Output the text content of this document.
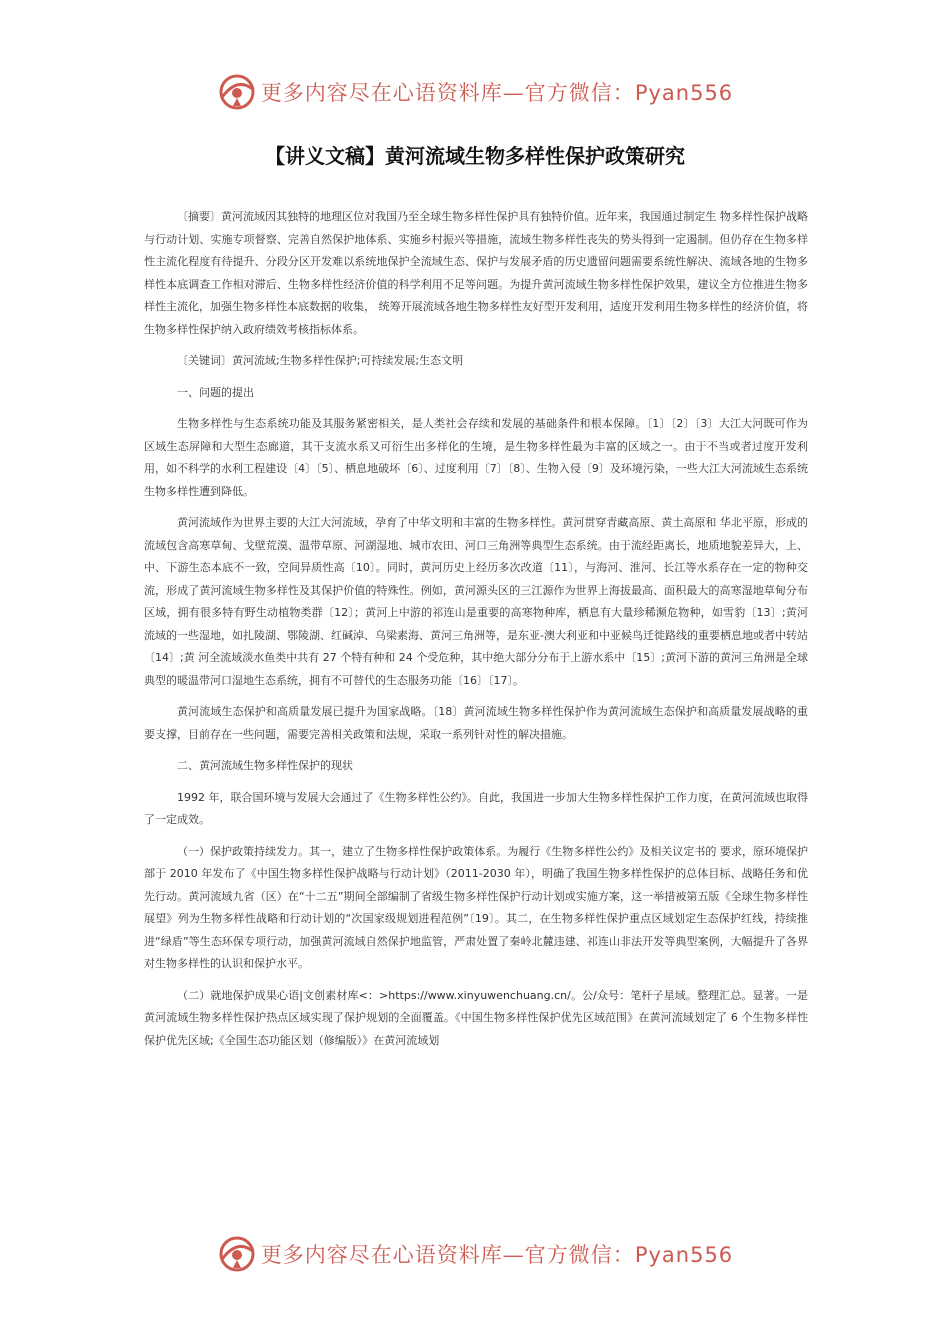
更多内容尽在心语资料库—官方微信：Pyan556
【讲义文稿】黄河流域生物多样性保护政策研究

〔摘要〕黄河流域因其独特的地理区位对我国乃至全球生物多样性保护具有独特价值。近年来，我国通过制定生 物多样性保护战略与行动计划、实施专项督察、完善自然保护地体系、实施乡村振兴等措施，流域生物多样性丧失的势头得到一定遏制。但仍存在生物多样性主流化程度有待提升、分段分区开发难以系统地保护全流域生态、保护与发展矛盾的历史遗留问题需要系统性解决、流域各地的生物多样性本底调查工作相对滞后、生物多样性经济价值的科学利用不足等问题。为提升黄河流域生物多样性保护效果，建议全方位推进生物多样性主流化，加强生物多样性本底数据的收集， 统筹开展流域各地生物多样性友好型开发利用，适度开发利用生物多样性的经济价值，将生物多样性保护纳入政府绩效考核指标体系。

〔关键词〕黄河流域;生物多样性保护;可持续发展;生态文明

一、问题的提出

生物多样性与生态系统功能及其服务紧密相关，是人类社会存续和发展的基础条件和根本保障。〔1〕〔2〕〔3〕大江大河既可作为区域生态屏障和大型生态廊道，其干支流水系又可衍生出多样化的生境，是生物多样性最为丰富的区域之一。由于不当或者过度开发利用，如不科学的水利工程建设〔4〕〔5〕、栖息地破坏〔6〕、过度利用〔7〕〔8〕、生物入侵〔9〕及环境污染，一些大江大河流域生态系统生物多样性遭到降低。

黄河流域作为世界主要的大江大河流域，孕育了中华文明和丰富的生物多样性。黄河贯穿青藏高原、黄土高原和 华北平原，形成的流域包含高寒草甸、戈壁荒漠、温带草原、河湖湿地、城市农田、河口三角洲等典型生态系统。由于流经距离长，地质地貌差异大，上、中、下游生态本底不一致，空间异质性高〔10〕。同时，黄河历史上经历多次改道〔11〕，与海河、淮河、长江等水系存在一定的物种交流，形成了黄河流域生物多样性及其保护价值的特殊性。例如，黄河源头区的三江源作为世界上海拔最高、面积最大的高寒湿地草甸分布区域，拥有很多特有野生动植物类群〔12〕；黄河上中游的祁连山是重要的高寒物种库，栖息有大量珍稀濒危物种，如雪豹〔13〕;黄河流域的一些湿地，如扎陵湖、鄂陵湖、红碱淖、乌梁素海、黄河三角洲等，是东亚-澳大利亚和中亚候鸟迁徙路线的重要栖息地或者中转站〔14〕;黄 河全流域淡水鱼类中共有 27 个特有种和 24 个受危种，其中绝大部分分布于上游水系中〔15〕;黄河下游的黄河三角洲是全球典型的暖温带河口湿地生态系统，拥有不可替代的生态服务功能〔16〕〔17〕。

黄河流域生态保护和高质量发展已提升为国家战略。〔18〕黄河流域生物多样性保护作为黄河流域生态保护和高质量发展战略的重要支撑，目前存在一些问题，需要完善相关政策和法规，采取一系列针对性的解决措施。

二、黄河流域生物多样性保护的现状

1992 年，联合国环境与发展大会通过了《生物多样性公约》。自此，我国进一步加大生物多样性保护工作力度，在黄河流域也取得了一定成效。

（一）保护政策持续发力。其一，建立了生物多样性保护政策体系。为履行《生物多样性公约》及相关议定书的 要求，原环境保护部于 2010 年发布了《中国生物多样性保护战略与行动计划》（2011-2030 年），明确了我国生物多样性保护的总体目标、战略任务和优先行动。黄河流域九省（区）在“十二五”期间全部编制了省级生物多样性保护行动计划或实施方案，这一举措被第五版《全球生物多样性展望》列为生物多样性战略和行动计划的“次国家级规划进程范例”〔19〕。其二，在生物多样性保护重点区域划定生态保护红线，持续推进“绿盾”等生态环保专项行动，加强黄河流域自然保护地监管，严肃处置了秦岭北麓违建、祁连山非法开发等典型案例，大幅提升了各界对生物多样性的认识和保护水平。

（二）就地保护成果心语|文创素材库<：>https://www.xinyuwenchuang.cn/。公/众号：笔杆子星域。整理汇总。显著。一是黄河流域生物多样性保护热点区域实现了保护规划的全面覆盖。《中国生物多样性保护优先区域范围》在黄河流域划定了 6 个生物多样性保护优先区域;《全国生态功能区划（修编版）》在黄河流域划

更多内容尽在心语资料库—官方微信：Pyan556
